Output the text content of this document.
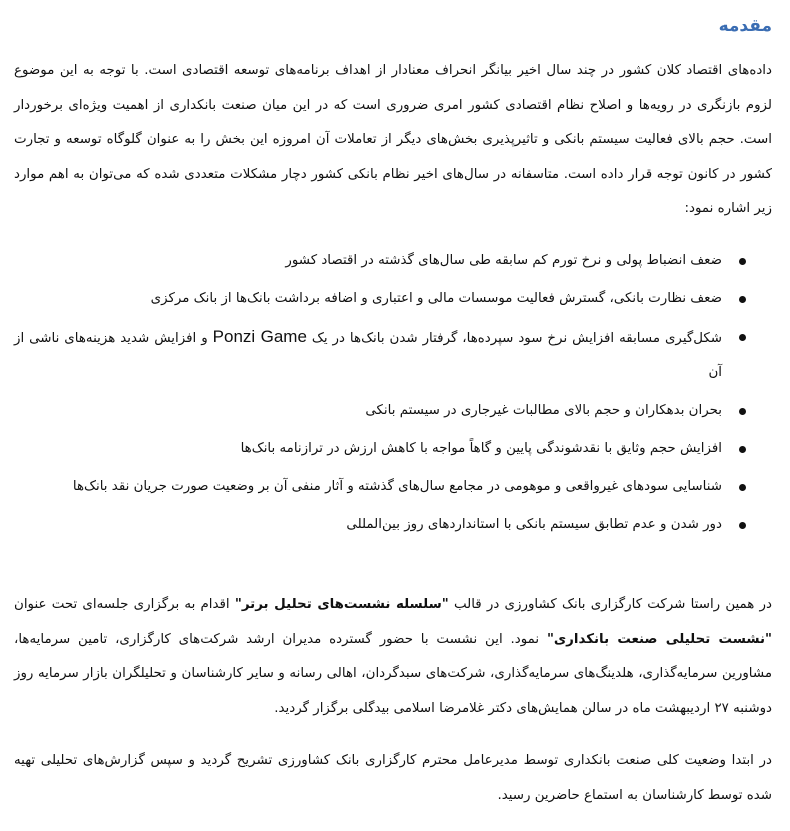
مقدمه

داده‌های اقتصاد کلان کشور در چند سال اخیر بیانگر انحراف معنادار از اهداف برنامه‌های توسعه اقتصادی است. با توجه به این موضوع لزوم بازنگری در رویه‌ها و اصلاح نظام اقتصادی کشور امری ضروری است که در این میان صنعت بانکداری از اهمیت ویژه‌ای برخوردار است. حجم بالای فعالیت سیستم بانکی و تاثیرپذیری بخش‌های دیگر از تعاملات آن امروزه این بخش را به عنوان گلوگاه توسعه و تجارت کشور در کانون توجه قرار داده است. متاسفانه در سال‌های اخیر نظام بانکی کشور دچار مشکلات متعددی شده که می‌توان به اهم موارد زیر اشاره نمود:

ضعف انضباط پولی و نرخ تورم کم سابقه طی سال‌های گذشته در اقتصاد کشور
ضعف نظارت بانکی، گسترش فعالیت موسسات مالی و اعتباری و اضافه برداشت بانک‌ها از بانک مرکزی
شکل‌گیری مسابقه افزایش نرخ سود سپرده‌ها، گرفتار شدن بانک‌ها در یک Ponzi Game و افزایش شدید هزینه‌های ناشی از آن
بحران بدهکاران و حجم بالای مطالبات غیرجاری در سیستم بانکی
افزایش حجم وثایق با نقدشوندگی پایین و گاهاً مواجه با کاهش ارزش در ترازنامه بانک‌ها
شناسایی سودهای غیرواقعی و موهومی در مجامع سال‌های گذشته و آثار منفی آن بر وضعیت صورت جریان نقد بانک‌ها
دور شدن و عدم تطابق سیستم بانکی با استانداردهای روز بین‌المللی

در همین راستا شرکت کارگزاری بانک کشاورزی در قالب "سلسله نشست‌های تحلیل برتر" اقدام به برگزاری جلسه‌ای تحت عنوان "نشست تحلیلی صنعت بانکداری" نمود. این نشست با حضور گسترده مدیران ارشد شرکت‌های کارگزاری، تامین سرمایه‌ها، مشاورین سرمایه‌گذاری، هلدینگ‌های سرمایه‌گذاری، شرکت‌های سبدگردان، اهالی رسانه و سایر کارشناسان و تحلیلگران بازار سرمایه روز دوشنبه ۲۷ اردیبهشت ماه در سالن همایش‌های دکتر غلامرضا اسلامی بیدگلی برگزار گردید.

در ابتدا وضعیت کلی صنعت بانکداری توسط مدیرعامل محترم کارگزاری بانک کشاورزی تشریح گردید و سپس گزارش‌های تحلیلی تهیه شده توسط کارشناسان به استماع حاضرین رسید.
